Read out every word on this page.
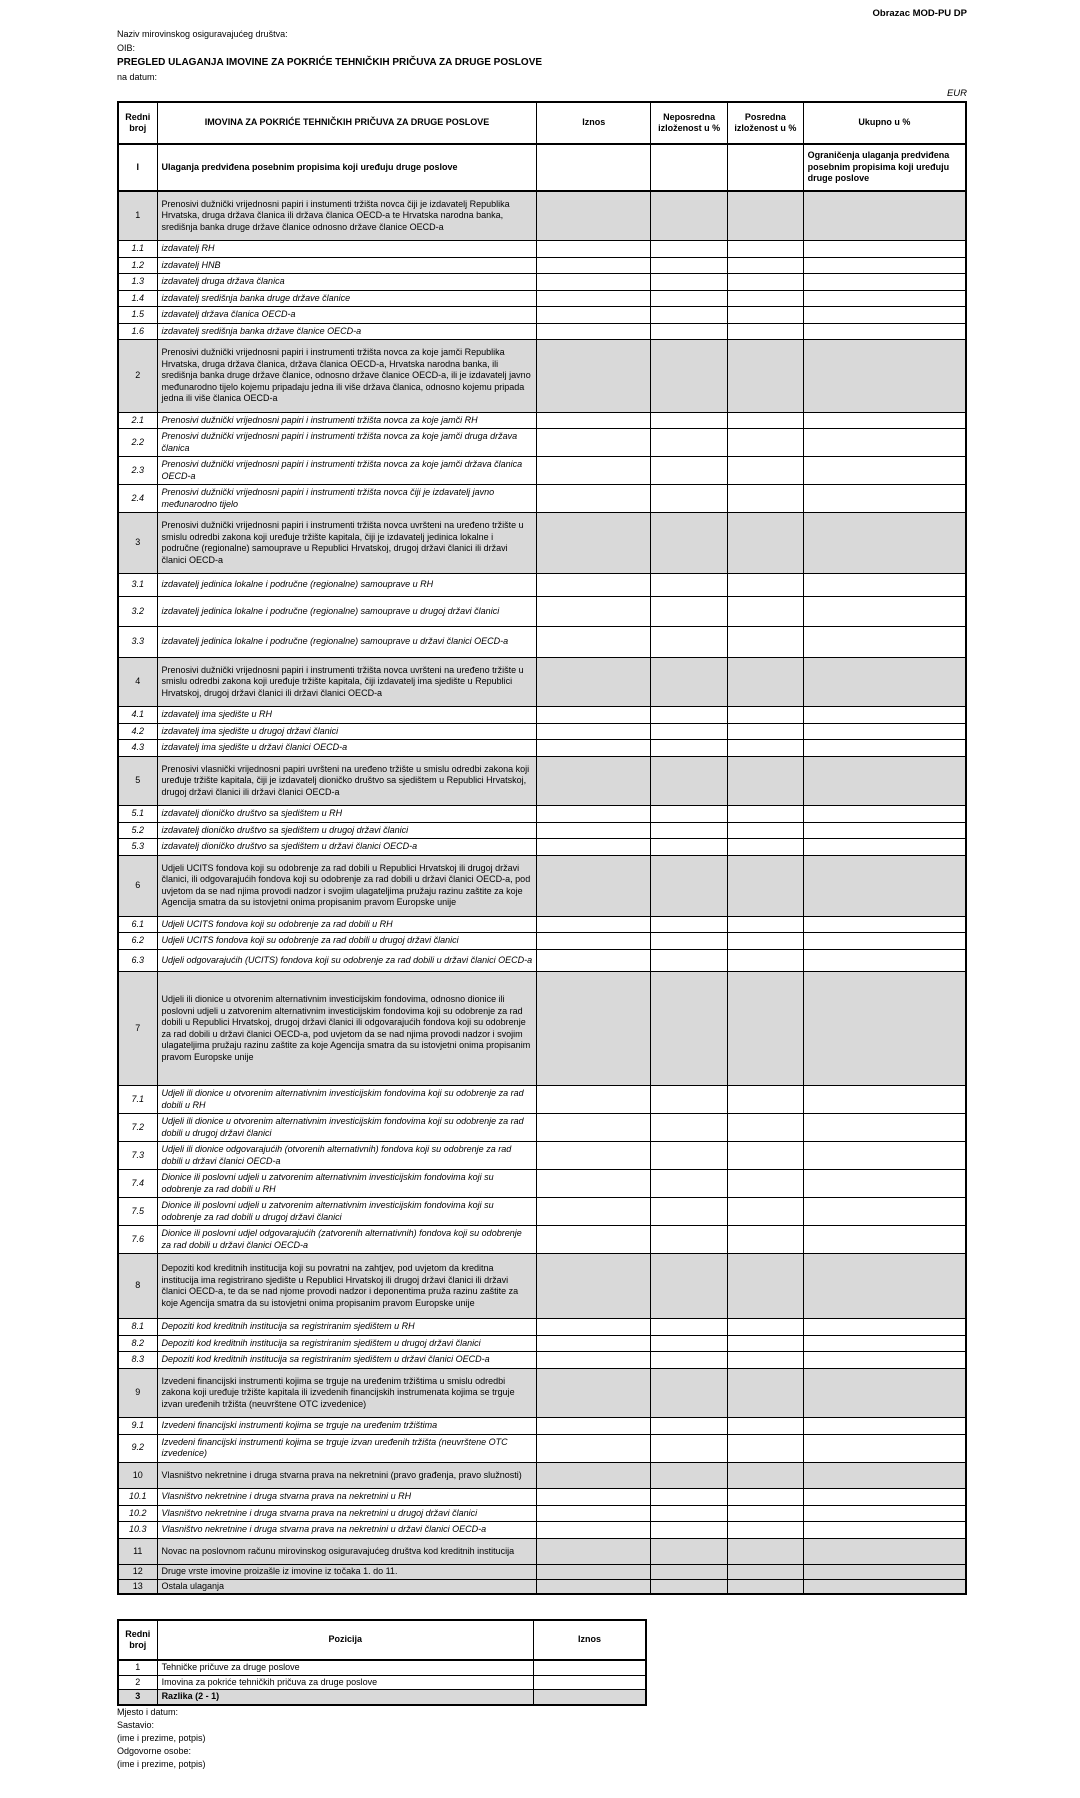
Obrazac MOD-PU DP
Naziv mirovinskog osiguravajućeg društva:
OIB:
PREGLED ULAGANJA IMOVINE ZA POKRIĆE TEHNIČKIH PRIČUVA ZA DRUGE POSLOVE
na datum:
EUR
Redni broj	IMOVINA ZA POKRIĆE TEHNIČKIH PRIČUVA ZA DRUGE POSLOVE	Iznos	Neposredna izloženost u %	Posredna izloženost u %	Ukupno u %
I	Ulaganja predviđena posebnim propisima koji uređuju druge poslove				Ograničenja ulaganja predviđena posebnim propisima koji uređuju druge poslove
1	Prenosivi dužnički vrijednosni papiri i instumenti tržišta novca čiji je izdavatelj Republika Hrvatska, druga država članica ili država članica OECD-a te Hrvatska narodna banka, središnja banka druge države članice odnosno države članice OECD-a				
1.1	izdavatelj RH				
1.2	izdavatelj HNB				
1.3	izdavatelj druga država članica				
1.4	izdavatelj središnja banka druge države članice				
1.5	izdavatelj država članica OECD-a				
1.6	izdavatelj središnja banka države članice OECD-a				
2	Prenosivi dužnički vrijednosni papiri i instrumenti tržišta novca za koje jamči Republika Hrvatska, druga država članica, država članica OECD-a, Hrvatska narodna banka, ili središnja banka druge države članice, odnosno države članice OECD-a, ili je izdavatelj javno međunarodno tijelo kojemu pripadaju jedna ili više država članica, odnosno kojemu pripada jedna ili više članica OECD-a				
2.1	Prenosivi dužnički vrijednosni papiri i instrumenti tržišta novca za koje jamči RH				
2.2	Prenosivi dužnički vrijednosni papiri i instrumenti tržišta novca za koje jamči druga država članica				
2.3	Prenosivi dužnički vrijednosni papiri i instrumenti tržišta novca za koje jamči država članica OECD-a				
2.4	Prenosivi dužnički vrijednosni papiri i instrumenti tržišta novca čiji je izdavatelj javno međunarodno tijelo				
3	Prenosivi dužnički vrijednosni papiri i instrumenti tržišta novca uvršteni na uređeno tržište u smislu odredbi zakona koji uređuje tržište kapitala, čiji je izdavatelj jedinica lokalne i područne (regionalne) samouprave u Republici Hrvatskoj, drugoj državi članici ili državi članici OECD-a				
3.1	izdavatelj jedinica lokalne i područne (regionalne) samouprave u RH				
3.2	izdavatelj jedinica lokalne i područne (regionalne) samouprave u drugoj državi članici				
3.3	izdavatelj jedinica lokalne i područne (regionalne) samouprave u državi članici OECD-a				
4	Prenosivi dužnički vrijednosni papiri i instrumenti tržišta novca uvršteni na uređeno tržište u smislu odredbi zakona koji uređuje tržište kapitala, čiji izdavatelj ima sjedište u Republici Hrvatskoj, drugoj državi članici ili državi članici OECD-a				
4.1	izdavatelj ima sjedište u RH				
4.2	izdavatelj ima sjedište u drugoj državi članici				
4.3	izdavatelj ima sjedište u državi članici OECD-a				
5	Prenosivi vlasnički vrijednosni papiri uvršteni na uređeno tržište u smislu odredbi zakona koji uređuje tržište kapitala, čiji je izdavatelj dioničko društvo sa sjedištem u Republici Hrvatskoj, drugoj državi članici ili državi članici OECD-a				
5.1	izdavatelj dioničko društvo sa sjedištem u RH				
5.2	izdavatelj dioničko društvo sa sjedištem u drugoj državi članici				
5.3	izdavatelj dioničko društvo sa sjedištem u državi članici OECD-a				
6	Udjeli UCITS fondova koji su odobrenje za rad dobili u Republici Hrvatskoj ili drugoj državi članici, ili odgovarajućih fondova koji su odobrenje za rad dobili u državi članici OECD-a, pod uvjetom da se nad njima provodi nadzor i svojim ulagateljima pružaju razinu zaštite za koje Agencija smatra da su istovjetni onima propisanim pravom Europske unije				
6.1	Udjeli UCITS fondova koji su odobrenje za rad dobili u RH				
6.2	Udjeli UCITS fondova koji su odobrenje za rad dobili u drugoj državi članici				
6.3	Udjeli odgovarajućih (UCITS) fondova koji su odobrenje za rad dobili u državi članici OECD-a				
7	Udjeli ili dionice u otvorenim alternativnim investicijskim fondovima, odnosno dionice ili poslovni udjeli u zatvorenim alternativnim investicijskim fondovima koji su odobrenje za rad dobili u Republici Hrvatskoj, drugoj državi članici ili odgovarajućih fondova koji su odobrenje za rad dobili u državi članici OECD-a, pod uvjetom da se nad njima provodi nadzor i svojim ulagateljima pružaju razinu zaštite za koje Agencija smatra da su istovjetni onima propisanim pravom Europske unije				
7.1	Udjeli ili dionice u otvorenim alternativnim investicijskim fondovima koji su odobrenje za rad dobili u RH				
7.2	Udjeli ili dionice u otvorenim alternativnim investicijskim fondovima koji su odobrenje za rad dobili u drugoj državi članici				
7.3	Udjeli ili dionice odgovarajućih (otvorenih alternativnih) fondova koji su odobrenje za rad dobili u državi članici OECD-a				
7.4	Dionice ili poslovni udjeli u zatvorenim alternativnim investicijskim fondovima koji su odobrenje za rad dobili u RH				
7.5	Dionice ili poslovni udjeli u zatvorenim alternativnim investicijskim fondovima koji su odobrenje za rad dobili u drugoj državi članici				
7.6	Dionice ili poslovni udjel odgovarajućih (zatvorenih alternativnih) fondova koji su odobrenje za rad dobili u državi članici OECD-a				
8	Depoziti kod kreditnih institucija koji su povratni na zahtjev, pod uvjetom da kreditna institucija ima registrirano sjedište u Republici Hrvatskoj ili drugoj državi članici ili državi članici OECD-a, te da se nad njome provodi nadzor i deponentima pruža razinu zaštite za koje Agencija smatra da su istovjetni onima propisanim pravom Europske unije				
8.1	Depoziti kod kreditnih institucija sa registriranim sjedištem u RH				
8.2	Depoziti kod kreditnih institucija sa registriranim sjedištem u drugoj državi članici				
8.3	Depoziti kod kreditnih institucija sa registriranim sjedištem u državi članici OECD-a				
9	Izvedeni financijski instrumenti kojima se trguje na uređenim tržištima u smislu odredbi zakona koji uređuje tržište kapitala ili izvedenih financijskih instrumenata kojima se trguje izvan uređenih tržišta (neuvrštene OTC izvedenice)				
9.1	Izvedeni financijski instrumenti kojima se trguje na uređenim tržištima				
9.2	Izvedeni financijski instrumenti kojima se trguje izvan uređenih tržišta (neuvrštene OTC izvedenice)				
10	Vlasništvo nekretnine i druga stvarna prava na nekretnini (pravo građenja, pravo služnosti)				
10.1	Vlasništvo nekretnine i druga stvarna prava na nekretnini u RH				
10.2	Vlasništvo nekretnine i druga stvarna prava na nekretnini u drugoj državi članici				
10.3	Vlasništvo nekretnine i druga stvarna prava na nekretnini u državi članici OECD-a				
11	Novac na poslovnom računu mirovinskog osiguravajućeg društva kod kreditnih institucija				
12	Druge vrste imovine proizašle iz imovine iz točaka 1. do 11.				
13	Ostala ulaganja				
Redni broj	Pozicija	Iznos
1	Tehničke pričuve za druge poslove	
2	Imovina za pokriće tehničkih pričuva za druge poslove	
3	Razlika (2 - 1)	
Mjesto i datum:
Sastavio:
(ime i prezime, potpis)
Odgovorne osobe:
(ime i prezime, potpis)
